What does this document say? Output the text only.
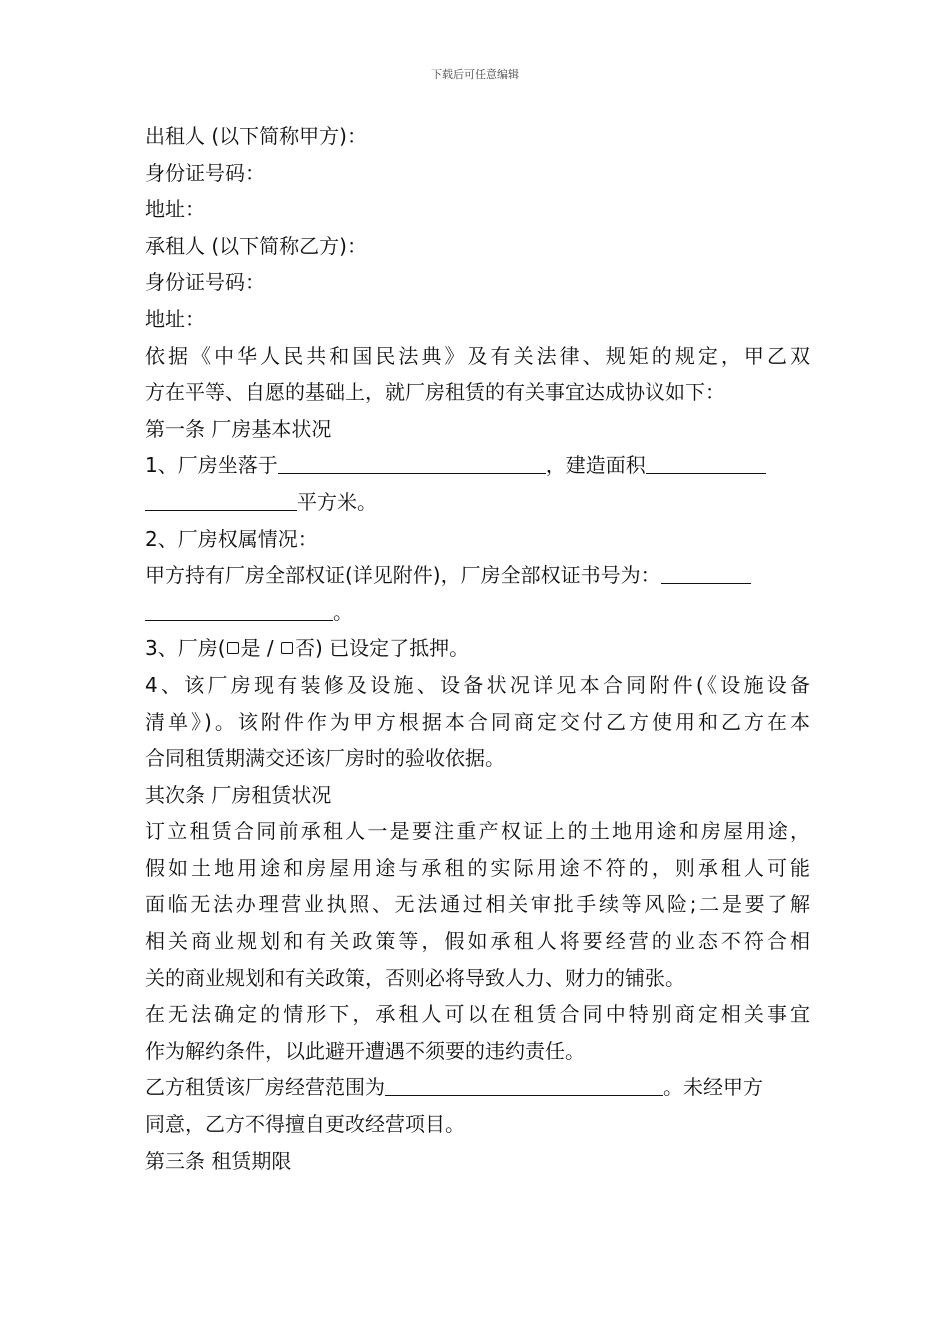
下载后可任意编辑
出租人 (以下简称甲方)：
身份证号码：
地址：
承租人 (以下简称乙方)：
身份证号码：
地址：
依据《中华人民共和国民法典》及有关法律、规矩的规定，甲乙双
方在平等、自愿的基础上，就厂房租赁的有关事宜达成协议如下：
第一条 厂房基本状况
1、厂房坐落于	，建造面积
平方米。
2、厂房权属情况：
甲方持有厂房全部权证(详见附件)，厂房全部权证书号为：
。
3、厂房( 是 / 否) 已设定了抵押。
4、该厂房现有装修及设施、设备状况详见本合同附件(《设施设备
清单》)。该附件作为甲方根据本合同商定交付乙方使用和乙方在本
合同租赁期满交还该厂房时的验收依据。
其次条 厂房租赁状况
订立租赁合同前承租人一是要注重产权证上的土地用途和房屋用途，
假如土地用途和房屋用途与承租的实际用途不符的，则承租人可能
面临无法办理营业执照、无法通过相关审批手续等风险;二是要了解
相关商业规划和有关政策等，假如承租人将要经营的业态不符合相
关的商业规划和有关政策，否则必将导致人力、财力的铺张。
在无法确定的情形下，承租人可以在租赁合同中特别商定相关事宜
作为解约条件，以此避开遭遇不须要的违约责任。
乙方租赁该厂房经营范围为	。未经甲方
同意，乙方不得擅自更改经营项目。
第三条 租赁期限
